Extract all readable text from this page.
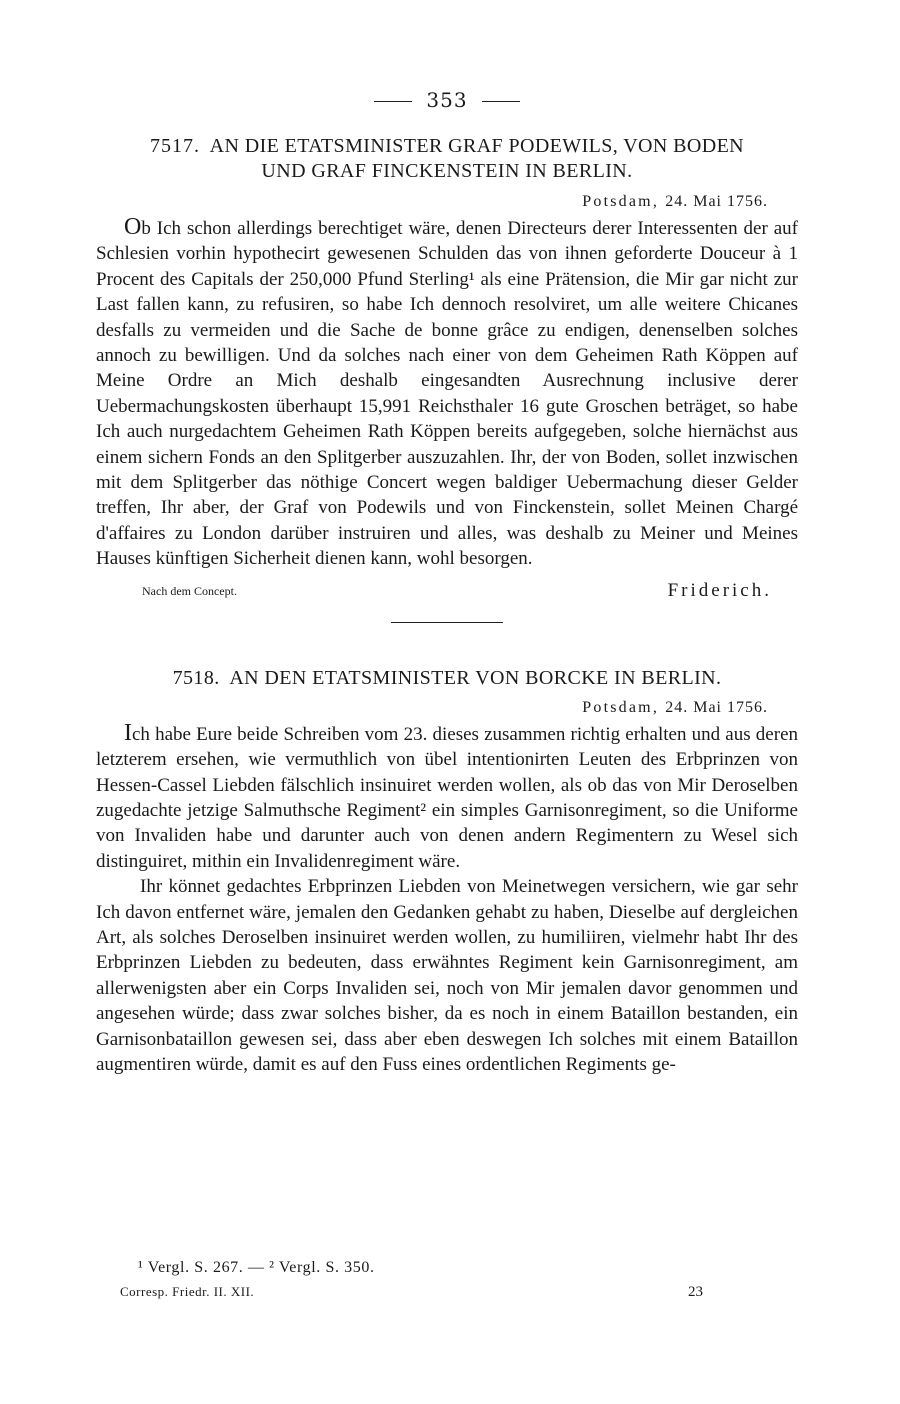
353
7517. AN DIE ETATSMINISTER GRAF PODEWILS, VON BODEN
UND GRAF FINCKENSTEIN IN BERLIN.
Potsdam, 24. Mai 1756.

Ob Ich schon allerdings berechtiget wäre, denen Directeurs derer Interessenten der auf Schlesien vorhin hypothecirt gewesenen Schulden das von ihnen geforderte Douceur à 1 Procent des Capitals der 250,000 Pfund Sterling¹ als eine Prätension, die Mir gar nicht zur Last fallen kann, zu refusiren, so habe Ich dennoch resolviret, um alle weitere Chicanes desfalls zu vermeiden und die Sache de bonne grâce zu endigen, denenselben solches annoch zu bewilligen. Und da solches nach einer von dem Geheimen Rath Köppen auf Meine Ordre an Mich deshalb eingesandten Ausrechnung inclusive derer Uebermachungskosten überhaupt 15,991 Reichsthaler 16 gute Groschen beträget, so habe Ich auch nurgedachtem Geheimen Rath Köppen bereits aufgegeben, solche hiernächst aus einem sichern Fonds an den Splitgerber auszuzahlen. Ihr, der von Boden, sollet inzwischen mit dem Splitgerber das nöthige Concert wegen baldiger Uebermachung dieser Gelder treffen, Ihr aber, der Graf von Podewils und von Finckenstein, sollet Meinen Chargé d'affaires zu London darüber instruiren und alles, was deshalb zu Meiner und Meines Hauses künftigen Sicherheit dienen kann, wohl besorgen.

Nach dem Concept.	Friderich.
7518. AN DEN ETATSMINISTER VON BORCKE IN BERLIN.
Potsdam, 24. Mai 1756.

Ich habe Eure beide Schreiben vom 23. dieses zusammen richtig erhalten und aus deren letzterem ersehen, wie vermuthlich von übel intentionirten Leuten des Erbprinzen von Hessen-Cassel Liebden fälschlich insinuiret werden wollen, als ob das von Mir Deroselben zugedachte jetzige Salmuthsche Regiment² ein simples Garnisonregiment, so die Uniforme von Invaliden habe und darunter auch von denen andern Regimentern zu Wesel sich distinguiret, mithin ein Invalidenregiment wäre.

Ihr könnet gedachtes Erbprinzen Liebden von Meinetwegen versichern, wie gar sehr Ich davon entfernet wäre, jemalen den Gedanken gehabt zu haben, Dieselbe auf dergleichen Art, als solches Deroselben insinuiret werden wollen, zu humiliiren, vielmehr habt Ihr des Erbprinzen Liebden zu bedeuten, dass erwähntes Regiment kein Garnisonregiment, am allerwenigsten aber ein Corps Invaliden sei, noch von Mir jemalen davor genommen und angesehen würde; dass zwar solches bisher, da es noch in einem Bataillon bestanden, ein Garnisonbataillon gewesen sei, dass aber eben deswegen Ich solches mit einem Bataillon augmentiren würde, damit es auf den Fuss eines ordentlichen Regiments ge-

¹ Vergl. S. 267. — ² Vergl. S. 350.
Corresp. Friedr. II. XII.	23
